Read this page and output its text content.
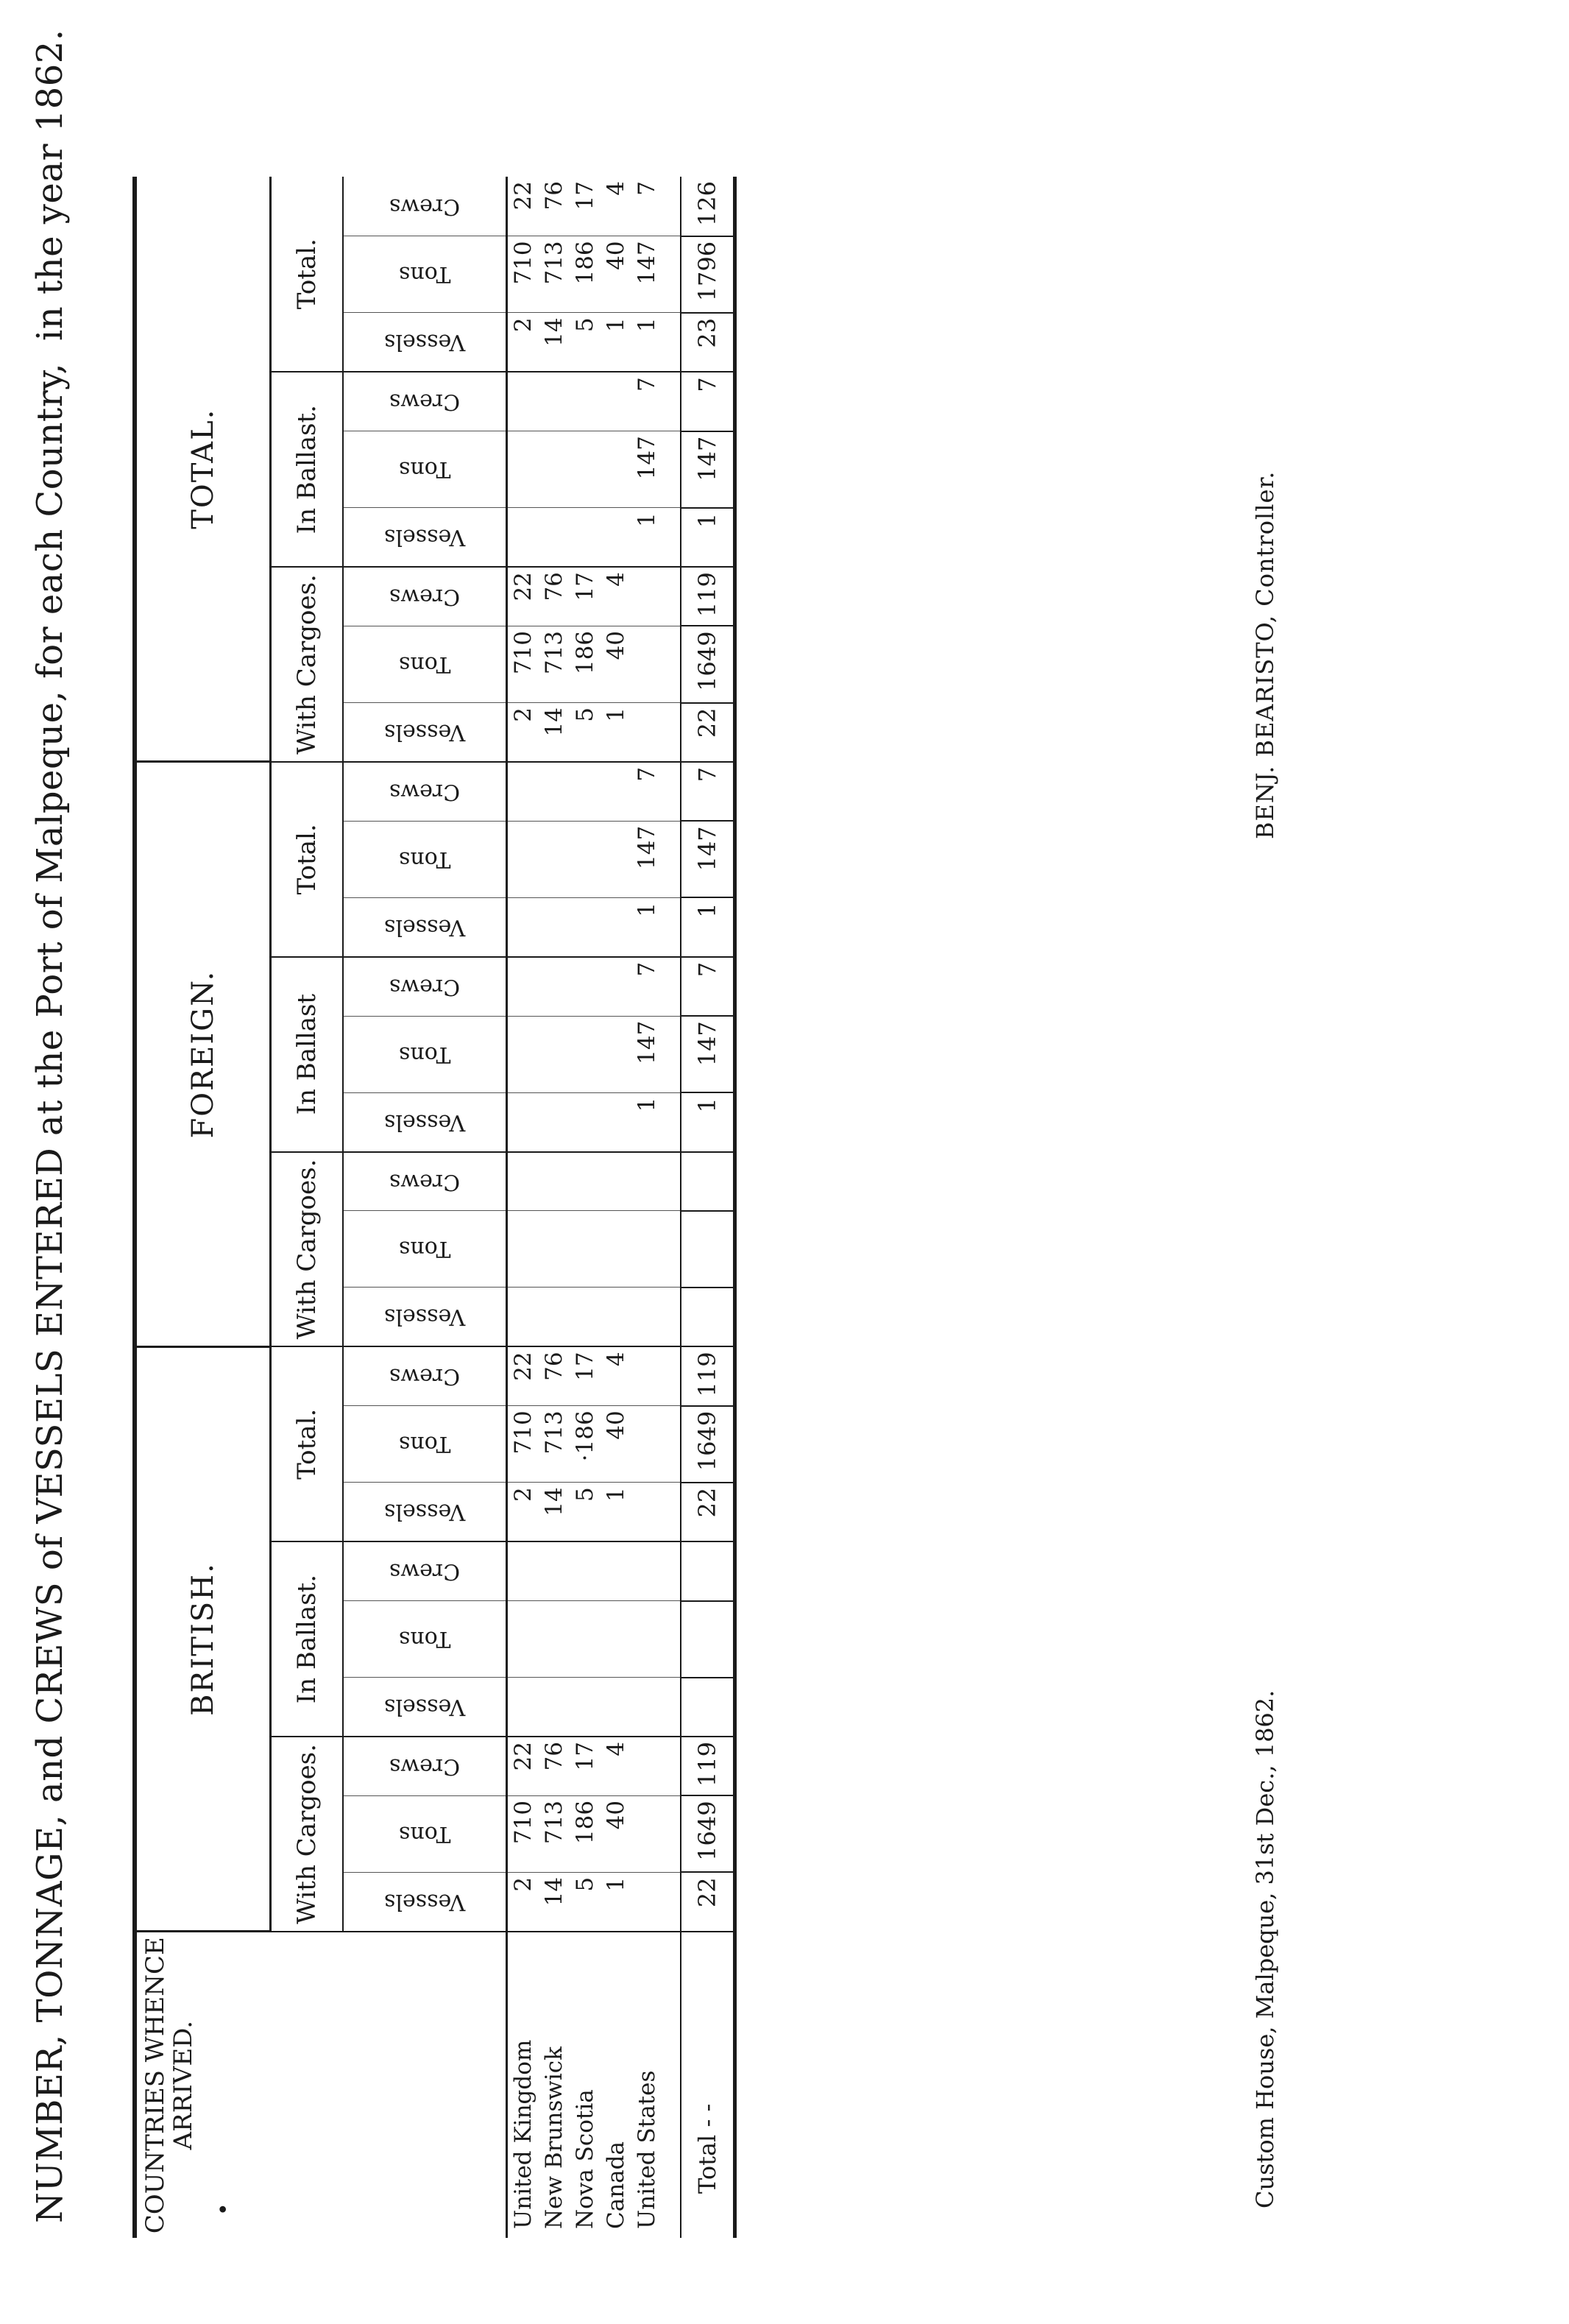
NUMBER, TONNAGE, and CREWS of VESSELS ENTERED at the Port of Malpeque, for each Country, in the year 1862.
COUNTRIES WHENCE ARRIVED.
•	BRITISH.									FOREIGN.									TOTAL.								
	With Cargoes.			In Ballast.			Total.			With Cargoes.			In Ballast			Total.			With Cargoes.			In Ballast.			Total.		

	Vessels	Tons	Crews	Vessels	Tons	Crews	Vessels	Tons	Crews	Vessels	Tons	Crews	Vessels	Tons	Crews	Vessels	Tons	Crews	Vessels	Tons	Crews	Vessels	Tons	Crews	Vessels	Tons	Crews

United Kingdom	2	710	22				2	710	22										2	710	22				2	710	22
New Brunswick	14	713	76				14	713	76										14	713	76				14	713	76
Nova Scotia	5	186	17				5	·186	17										5	186	17				5	186	17
Canada	1	40	4				1	40	4										1	40	4				1	40	4
United States													1	147	7	1	147	7				1	147	7	1	147	7

Total - -	22	1649	119				22	1649	119				1	147	7	1	147	7	22	1649	119	1	147	7	23	1796	126
Custom House, Malpeque, 31st Dec., 1862.
BENJ. BEARISTO, Controller.
